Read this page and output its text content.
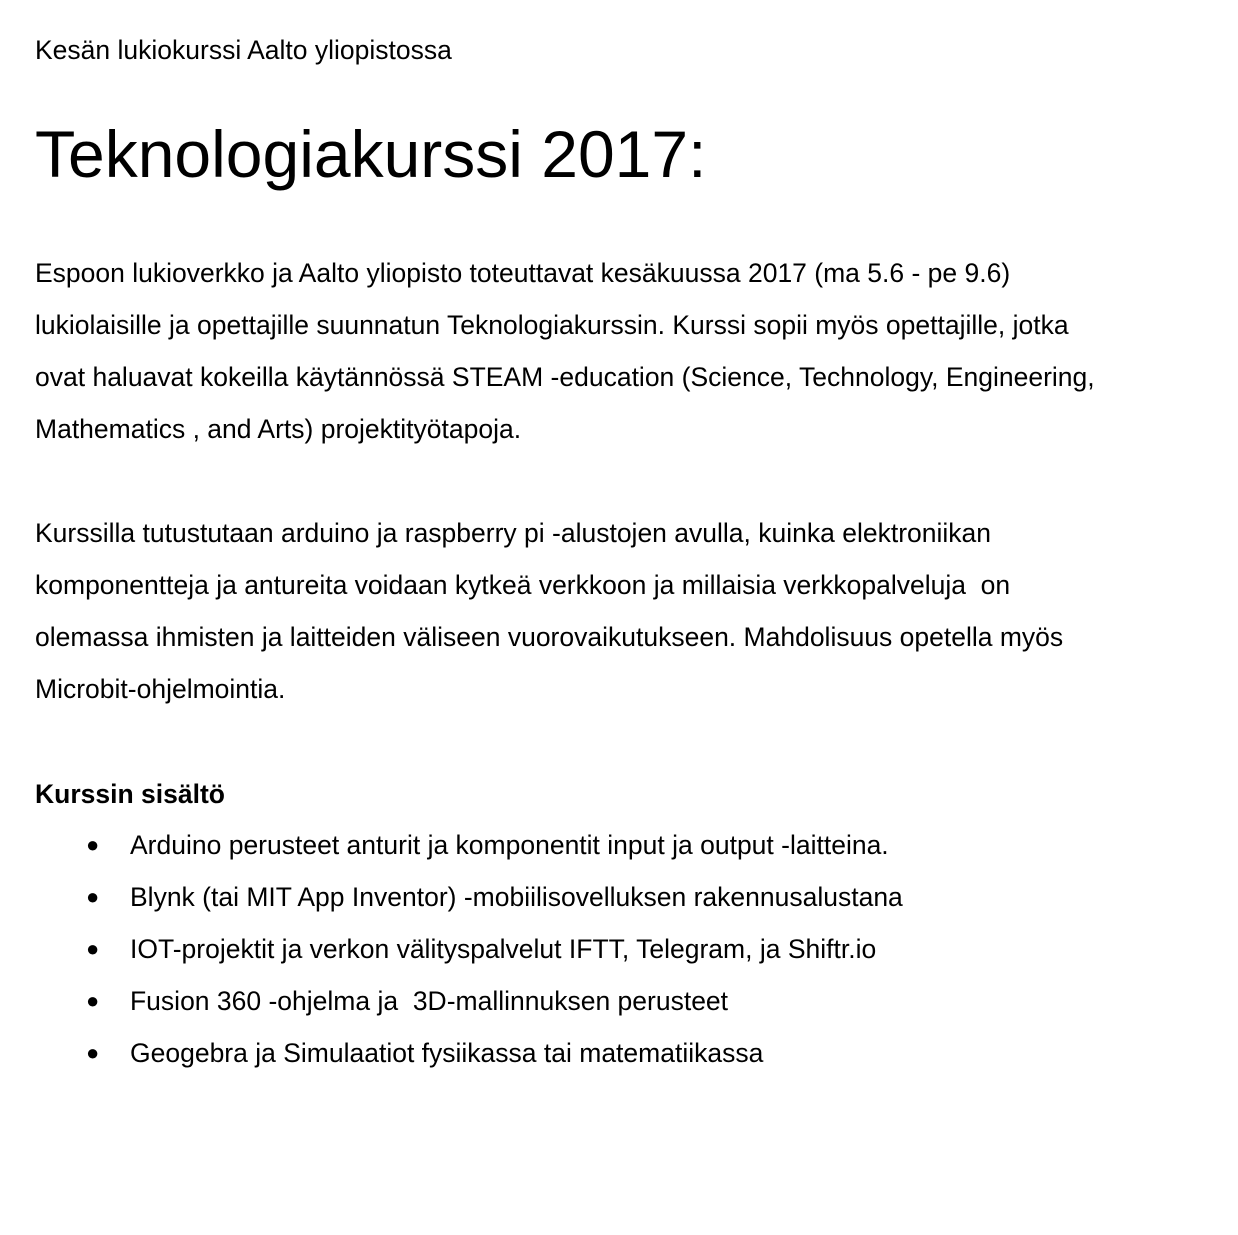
Kesän lukiokurssi Aalto yliopistossa
Teknologiakurssi 2017:

Espoon lukioverkko ja Aalto yliopisto toteuttavat kesäkuussa 2017 (ma 5.6 - pe 9.6)
lukiolaisille ja opettajille suunnatun Teknologiakurssin. Kurssi sopii myös opettajille, jotka
ovat haluavat kokeilla käytännössä STEAM -education (Science, Technology, Engineering,
Mathematics , and Arts) projektityötapoja.

Kurssilla tutustutaan arduino ja raspberry pi -alustojen avulla, kuinka elektroniikan
komponentteja ja antureita voidaan kytkeä verkkoon ja millaisia verkkopalveluja  on
olemassa ihmisten ja laitteiden väliseen vuorovaikutukseen. Mahdolisuus opetella myös
Microbit-ohjelmointia.

Kurssin sisältö

●

Arduino perusteet anturit ja komponentit input ja output -laitteina.

●

Blynk (tai MIT App Inventor) -mobiilisovelluksen rakennusalustana

●

IOT-projektit ja verkon välityspalvelut IFTT, Telegram, ja Shiftr.io

●

Fusion 360 -ohjelma ja  3D-mallinnuksen perusteet

●

Geogebra ja Simulaatiot fysiikassa tai matematiikassa
